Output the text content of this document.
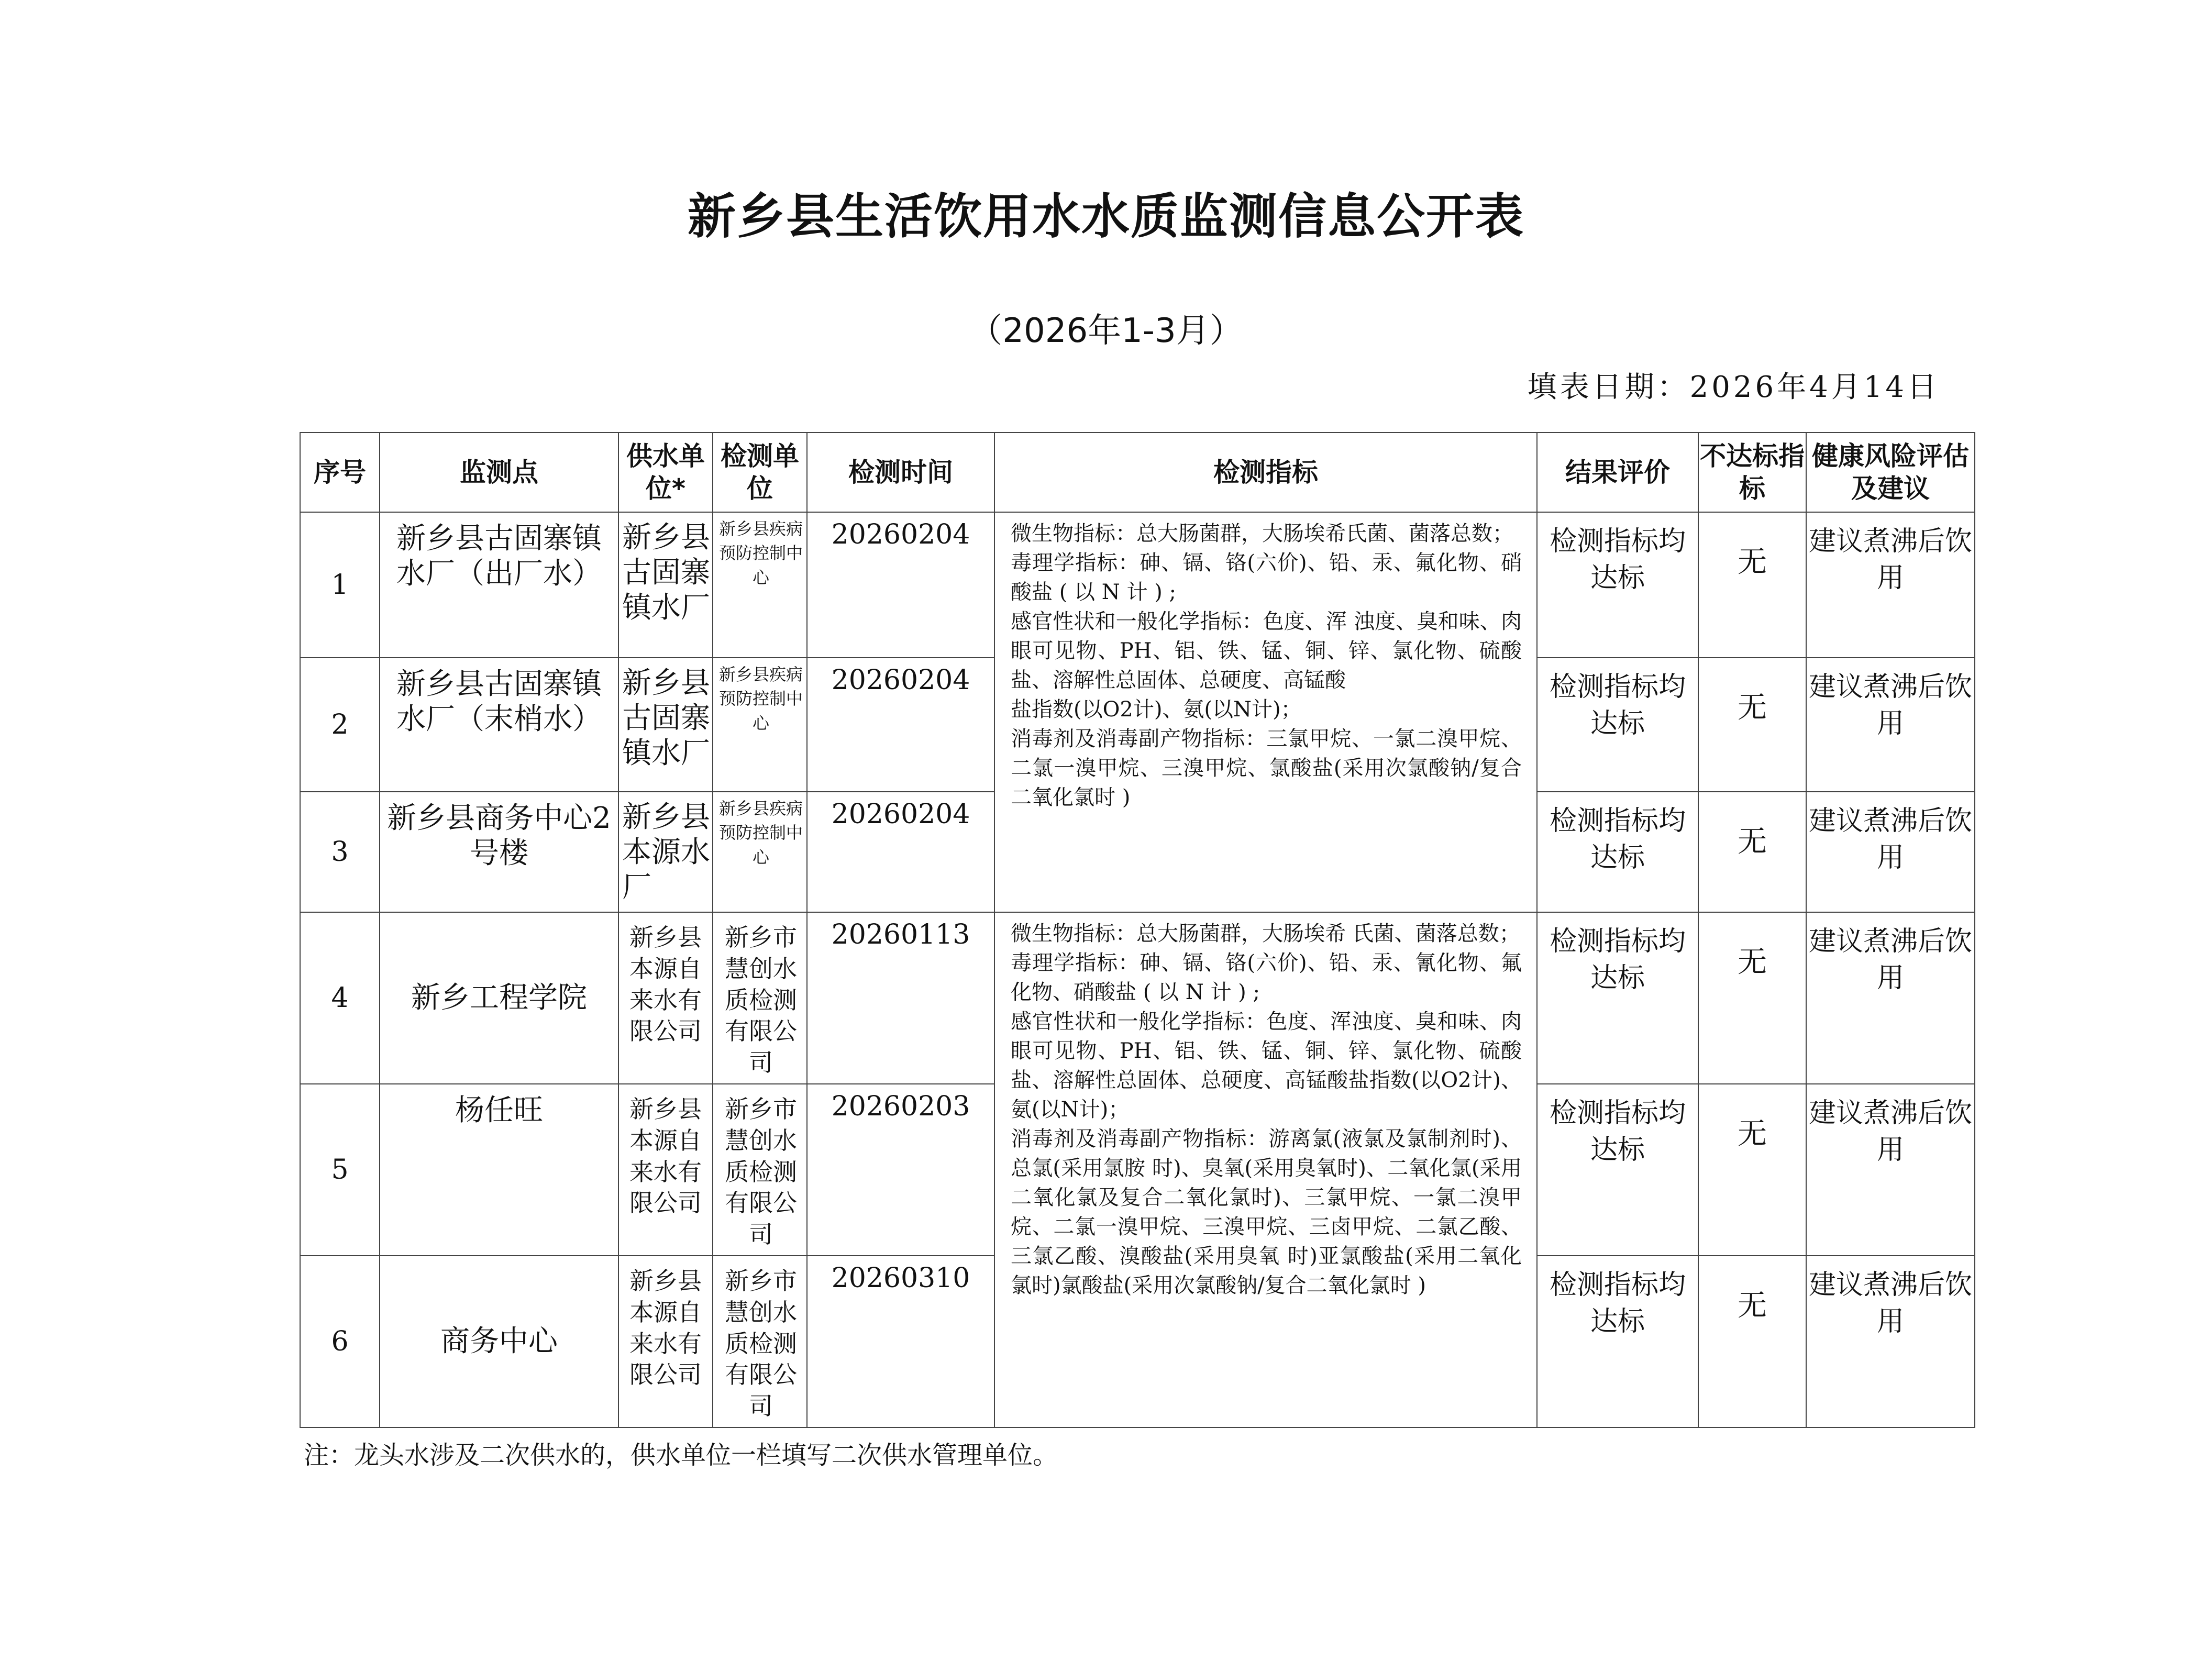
新乡县生活饮用水水质监测信息公开表
（2026年1-3月）
填表日期：2026年4月14日
序号	监测点	供水单位*	检测单位	检测时间	检测指标	结果评价	不达标指标	健康风险评估及建议
1	新乡县古固寨镇水厂（出厂水）	新乡县古固寨镇水厂	新乡县疾病预防控制中心	20260204	微生物指标：总大肠菌群，大肠埃希氏菌、菌落总数；

毒理学指标：砷、镉、铬(六价)、铅、汞、氟化物、硝酸盐 ( 以 N 计 ) ;

感官性状和一般化学指标：色度、浑 浊度、臭和味、肉眼可见物、PH、铝、铁、锰、铜、锌、氯化物、硫酸 盐、溶解性总固体、总硬度、高锰酸

盐指数(以O2计)、氨(以N计)；

消毒剂及消毒副产物指标：三氯甲烷、一氯二溴甲烷、二氯一溴甲烷、三溴甲烷、氯酸盐(采用次氯酸钠/复合二氧化氯时 )	检测指标均达标	无	建议煮沸后饮用
2	新乡县古固寨镇水厂（末梢水）	新乡县古固寨镇水厂	新乡县疾病预防控制中心	20260204		检测指标均达标	无	建议煮沸后饮用
3	新乡县商务中心2号楼	新乡县本源水厂	新乡县疾病预防控制中心	20260204		检测指标均达标	无	建议煮沸后饮用
4	新乡工程学院	新乡县本源自来水有限公司	新乡市慧创水质检测有限公司	20260113	微生物指标：总大肠菌群，大肠埃希 氏菌、菌落总数；

毒理学指标：砷、镉、铬(六价)、铅、汞、氰化物、氟化物、硝酸盐 ( 以 N 计 ) ;

感官性状和一般化学指标：色度、浑浊度、臭和味、肉眼可见物、PH、铝、铁、锰、铜、锌、氯化物、硫酸 盐、溶解性总固体、总硬度、高锰酸盐指数(以O2计)、氨(以N计)；

消毒剂及消毒副产物指标：游离氯(液氯及氯制剂时)、总氯(采用氯胺 时)、臭氧(采用臭氧时)、二氧化氯(采用二氧化氯及复合二氧化氯时)、三氯甲烷、一氯二溴甲烷、二氯一溴甲烷、三溴甲烷、三卤甲烷、二氯乙酸、三氯乙酸、溴酸盐(采用臭氧 时)亚氯酸盐(采用二氧化氯时)氯酸盐(采用次氯酸钠/复合二氧化氯时 )	检测指标均达标	无	建议煮沸后饮用
5	杨任旺	新乡县本源自来水有限公司	新乡市慧创水质检测有限公司	20260203		检测指标均达标	无	建议煮沸后饮用
6	商务中心	新乡县本源自来水有限公司	新乡市慧创水质检测有限公司	20260310		检测指标均达标	无	建议煮沸后饮用
注：龙头水涉及二次供水的，供水单位一栏填写二次供水管理单位。
